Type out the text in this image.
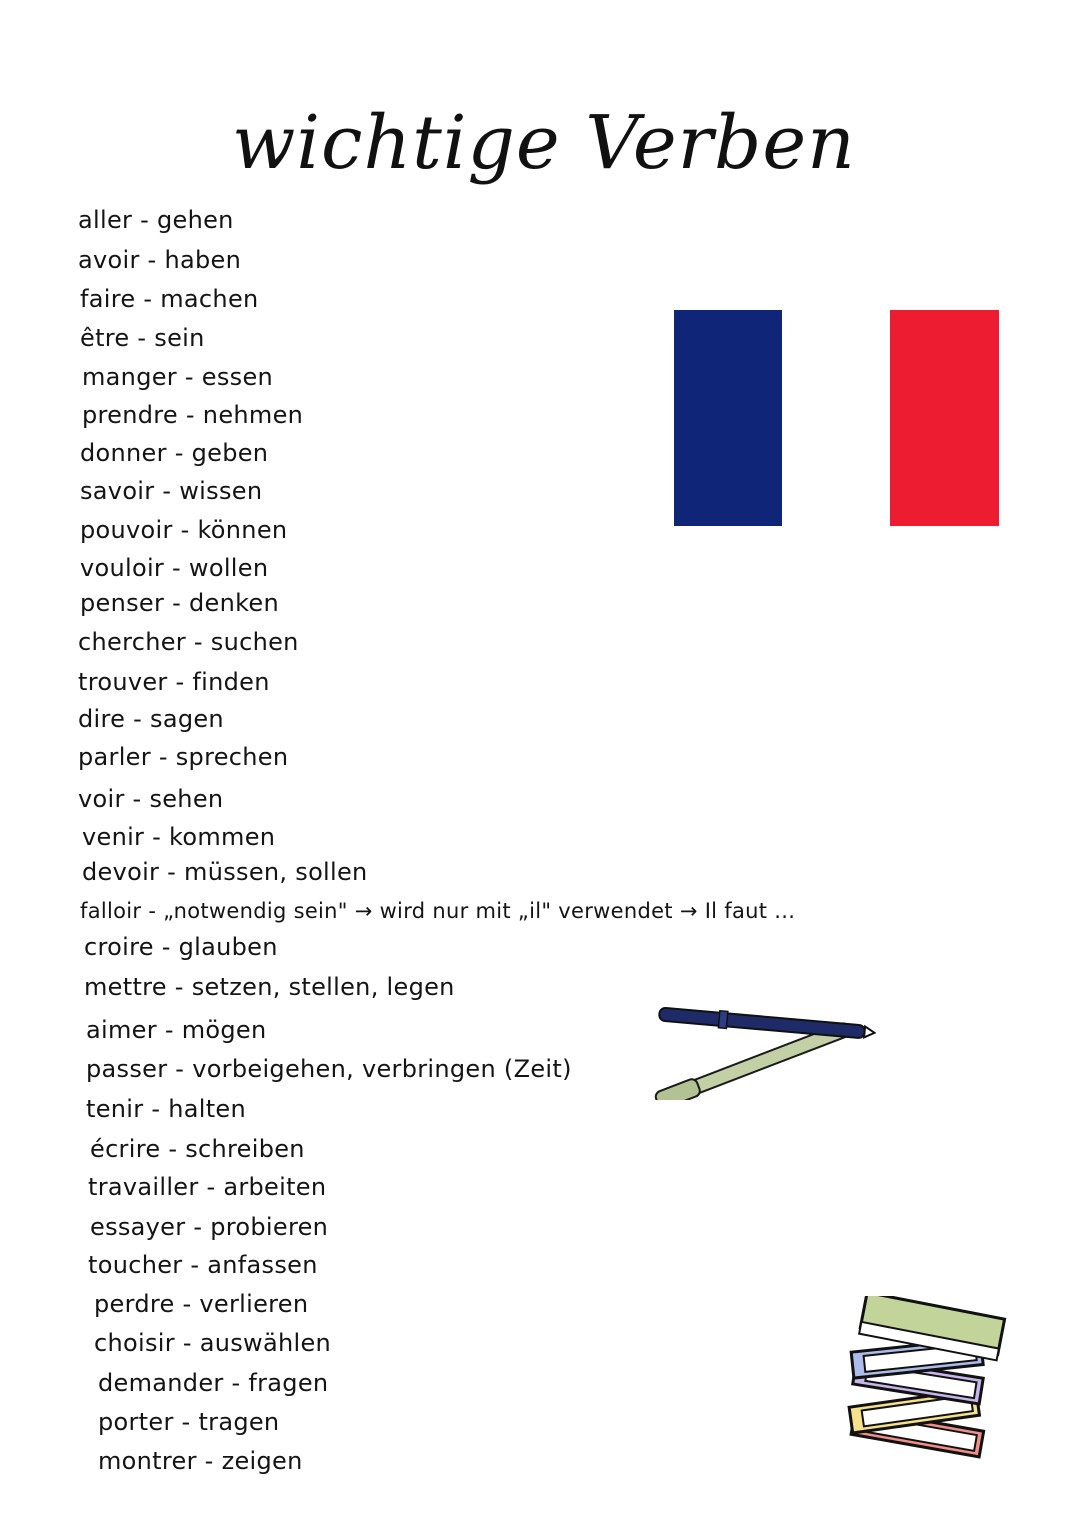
wichtige Verben
aller - gehen
avoir - haben
faire - machen
être - sein
manger - essen
prendre - nehmen
donner - geben
savoir - wissen
pouvoir - können
vouloir - wollen
penser - denken
chercher - suchen
trouver - finden
dire - sagen
parler - sprechen
voir - sehen
venir - kommen
devoir - müssen, sollen
falloir - „notwendig sein" → wird nur mit „il" verwendet → Il faut ...
croire - glauben
mettre - setzen, stellen, legen
aimer - mögen
passer - vorbeigehen, verbringen (Zeit)
tenir - halten
écrire - schreiben
travailler - arbeiten
essayer - probieren
toucher - anfassen
perdre - verlieren
choisir - auswählen
demander - fragen
porter - tragen
montrer - zeigen
